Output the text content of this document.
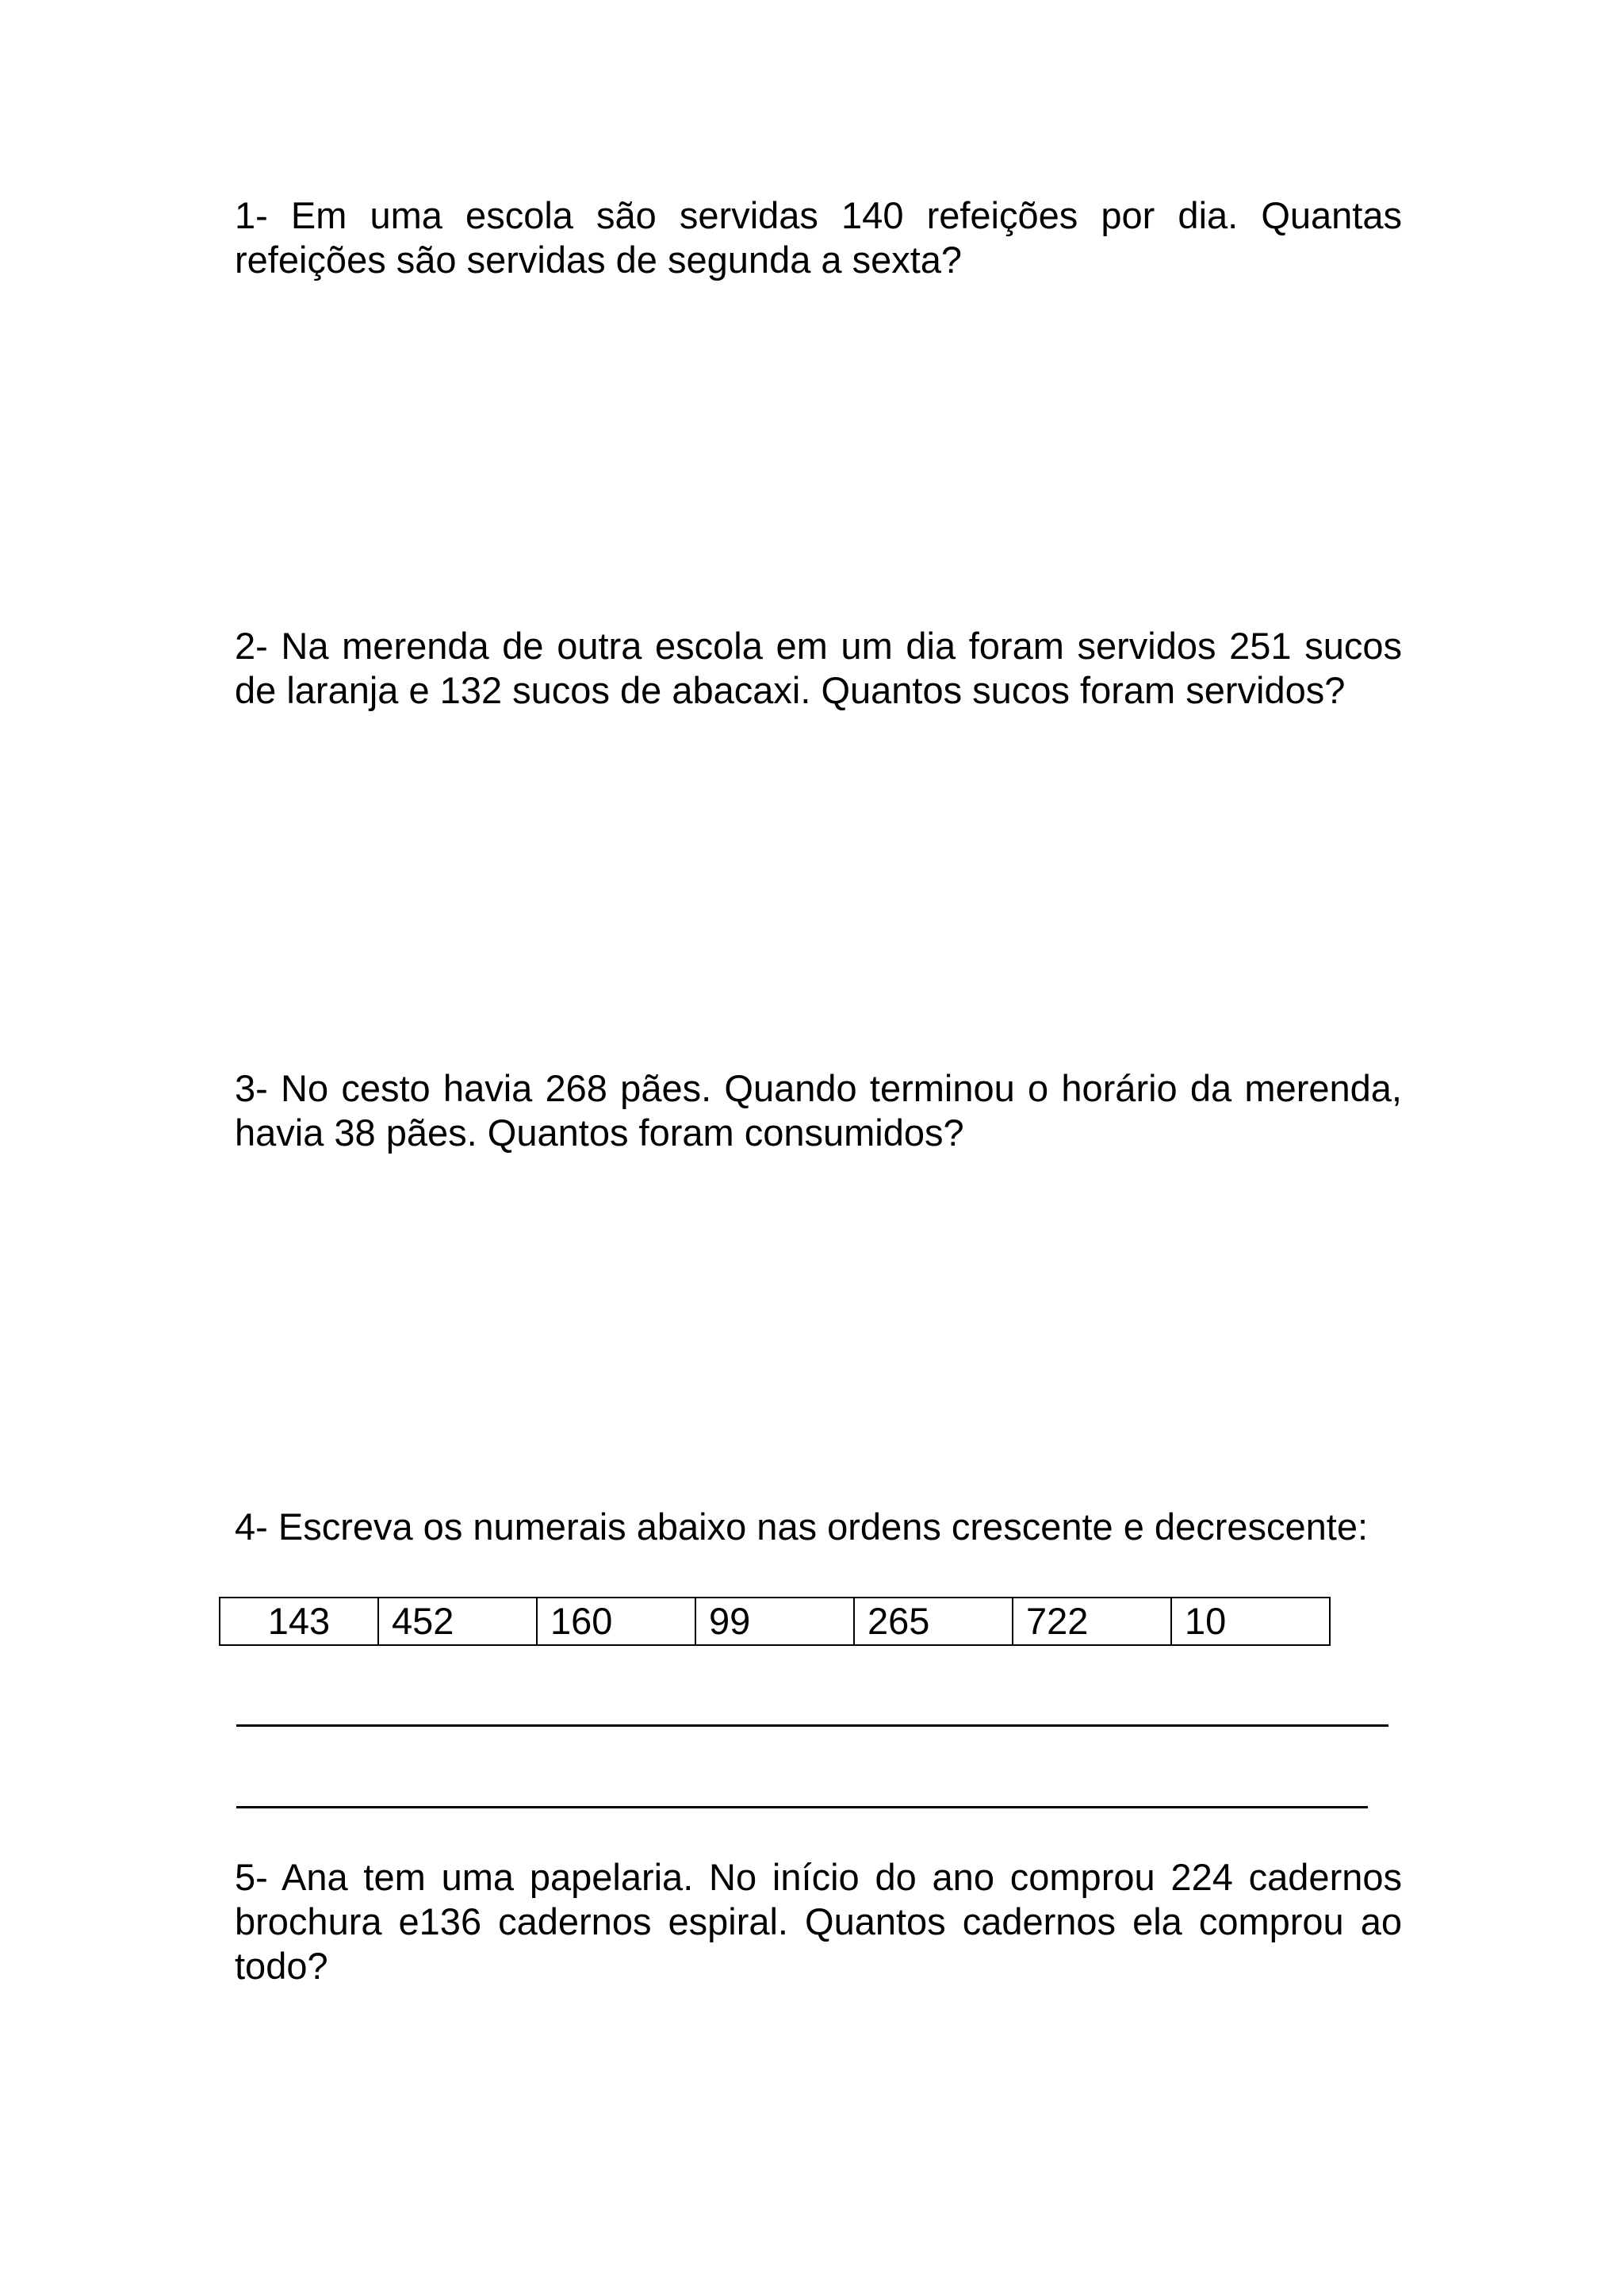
1- Em uma escola são servidas 140 refeições por dia. Quantas refeições são servidas de segunda a sexta?

2- Na merenda de outra escola em um dia foram servidos 251 sucos de laranja e 132 sucos de abacaxi. Quantos sucos foram servidos?

3- No cesto havia 268 pães. Quando terminou o horário da merenda, havia 38 pães. Quantos foram consumidos?

4- Escreva os numerais abaixo nas ordens crescente e decrescente:

143	452	160	99	265	722	10

5- Ana tem uma papelaria. No início do ano comprou 224 cadernos brochura e136 cadernos espiral. Quantos cadernos ela comprou ao todo?
